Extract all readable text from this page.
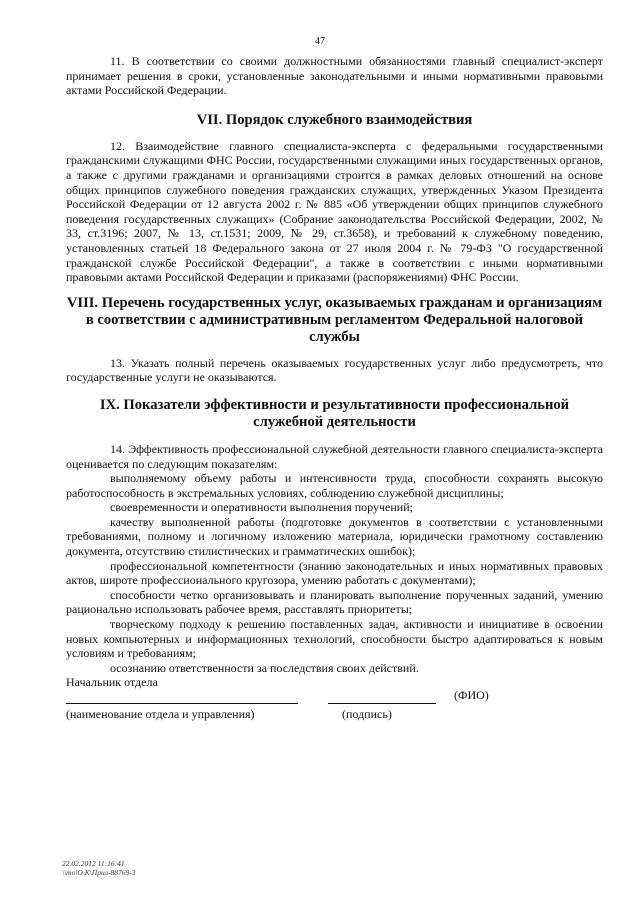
47

11. В соответствии со своими должностными обязанностями главный специалист-эксперт принимает решения в сроки, установленные законодательными и иными нормативными правовыми актами Российской Федерации.

VII. Порядок служебного взаимодействия

12. Взаимодействие главного специалиста-эксперта с федеральными государственными гражданскими служащими ФНС России, государственными служащими иных государственных органов, а также с другими гражданами и организациями строится в рамках деловых отношений на основе общих принципов служебного поведения гражданских служащих, утвержденных Указом Президента Российской Федерации от 12 августа 2002 г. № 885 «Об утверждении общих принципов служебного поведения государственных служащих» (Собрание законодательства Российской Федерации, 2002, № 33, ст.3196; 2007, № 13, ст.1531; 2009, № 29, ст.3658), и требований к служебному поведению, установленных статьей 18 Федерального закона от 27 июля 2004 г. № 79-ФЗ "О государственной гражданской службе Российской Федерации", а также в соответствии с иными нормативными правовыми актами Российской Федерации и приказами (распоряжениями) ФНС России.

VIII. Перечень государственных услуг, оказываемых гражданам и организациям в соответствии с административным регламентом Федеральной налоговой службы

13. Указать полный перечень оказываемых государственных услуг либо предусмотреть, что государственные услуги не оказываются.

IX. Показатели эффективности и результативности профессиональной служебной деятельности

14. Эффективность профессиональной служебной деятельности главного специалиста-эксперта оценивается по следующим показателям:

выполняемому объему работы и интенсивности труда, способности сохранять высокую работоспособность в экстремальных условиях, соблюдению служебной дисциплины;

своевременности и оперативности выполнения поручений;

качеству выполненной работы (подготовке документов в соответствии с установленными требованиями, полному и логичному изложению материала, юридически грамотному составлению документа, отсутствию стилистических и грамматических ошибок);

профессиональной компетентности (знанию законодательных и иных нормативных правовых актов, широте профессионального кругозора, умению работать с документами);

способности четко организовывать и планировать выполнение порученных заданий, умению рационально использовать рабочее время, расставлять приоритеты;

творческому подходу к решению поставленных задач, активности и инициативе в освоении новых компьютерных и информационных технологий, способности быстро адаптироваться к новым условиям и требованиям;

осознанию ответственности за последствия своих действий.

Начальник отдела

(ФИО)
(наименование отдела и управления)	(подпись)
22.02.2012 11:16:41
\\mo\О К\Прил-88769-3
